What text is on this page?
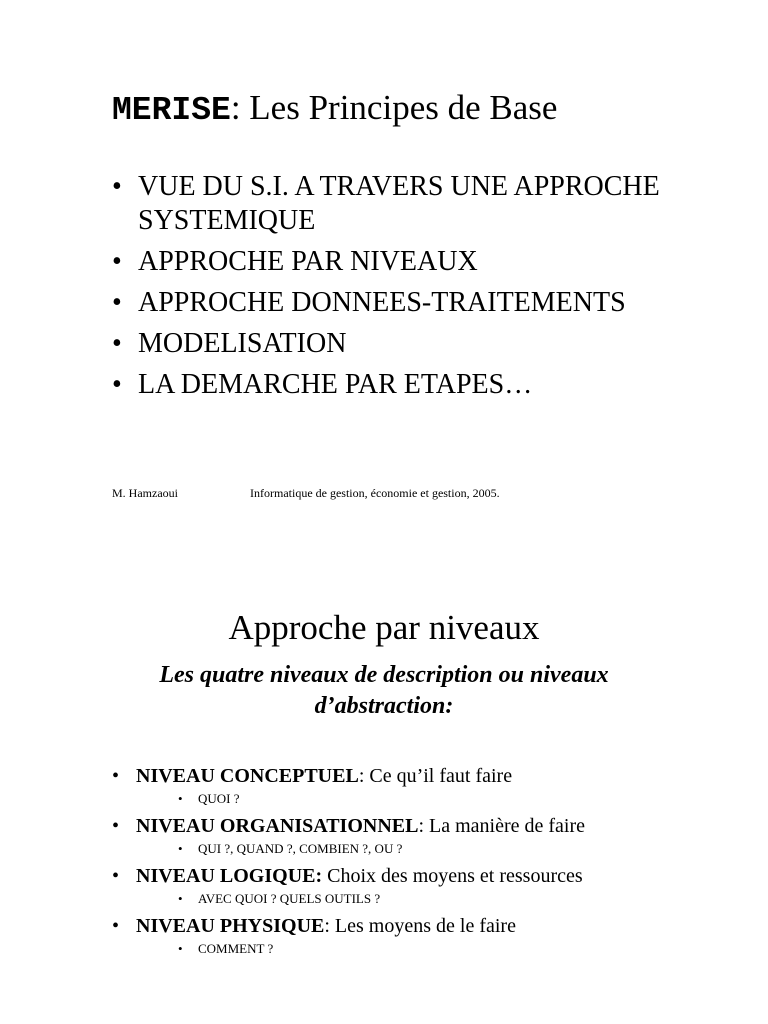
MERISE: Les Principes de Base
• VUE DU S.I. A TRAVERS UNE APPROCHE SYSTEMIQUE
• APPROCHE PAR NIVEAUX
• APPROCHE DONNEES-TRAITEMENTS
• MODELISATION
• LA DEMARCHE PAR ETAPES…
M. Hamzaoui	Informatique de gestion, économie et gestion, 2005.
Approche par niveaux
Les quatre niveaux de description ou niveaux d’abstraction:
• NIVEAU CONCEPTUEL: Ce qu’il faut faire
• QUOI ?
• NIVEAU ORGANISATIONNEL: La manière de faire
• QUI ?, QUAND ?, COMBIEN ?, OU ?
• NIVEAU LOGIQUE: Choix des moyens et ressources
• AVEC QUOI ? QUELS OUTILS ?
• NIVEAU PHYSIQUE: Les moyens de le faire
• COMMENT ?
